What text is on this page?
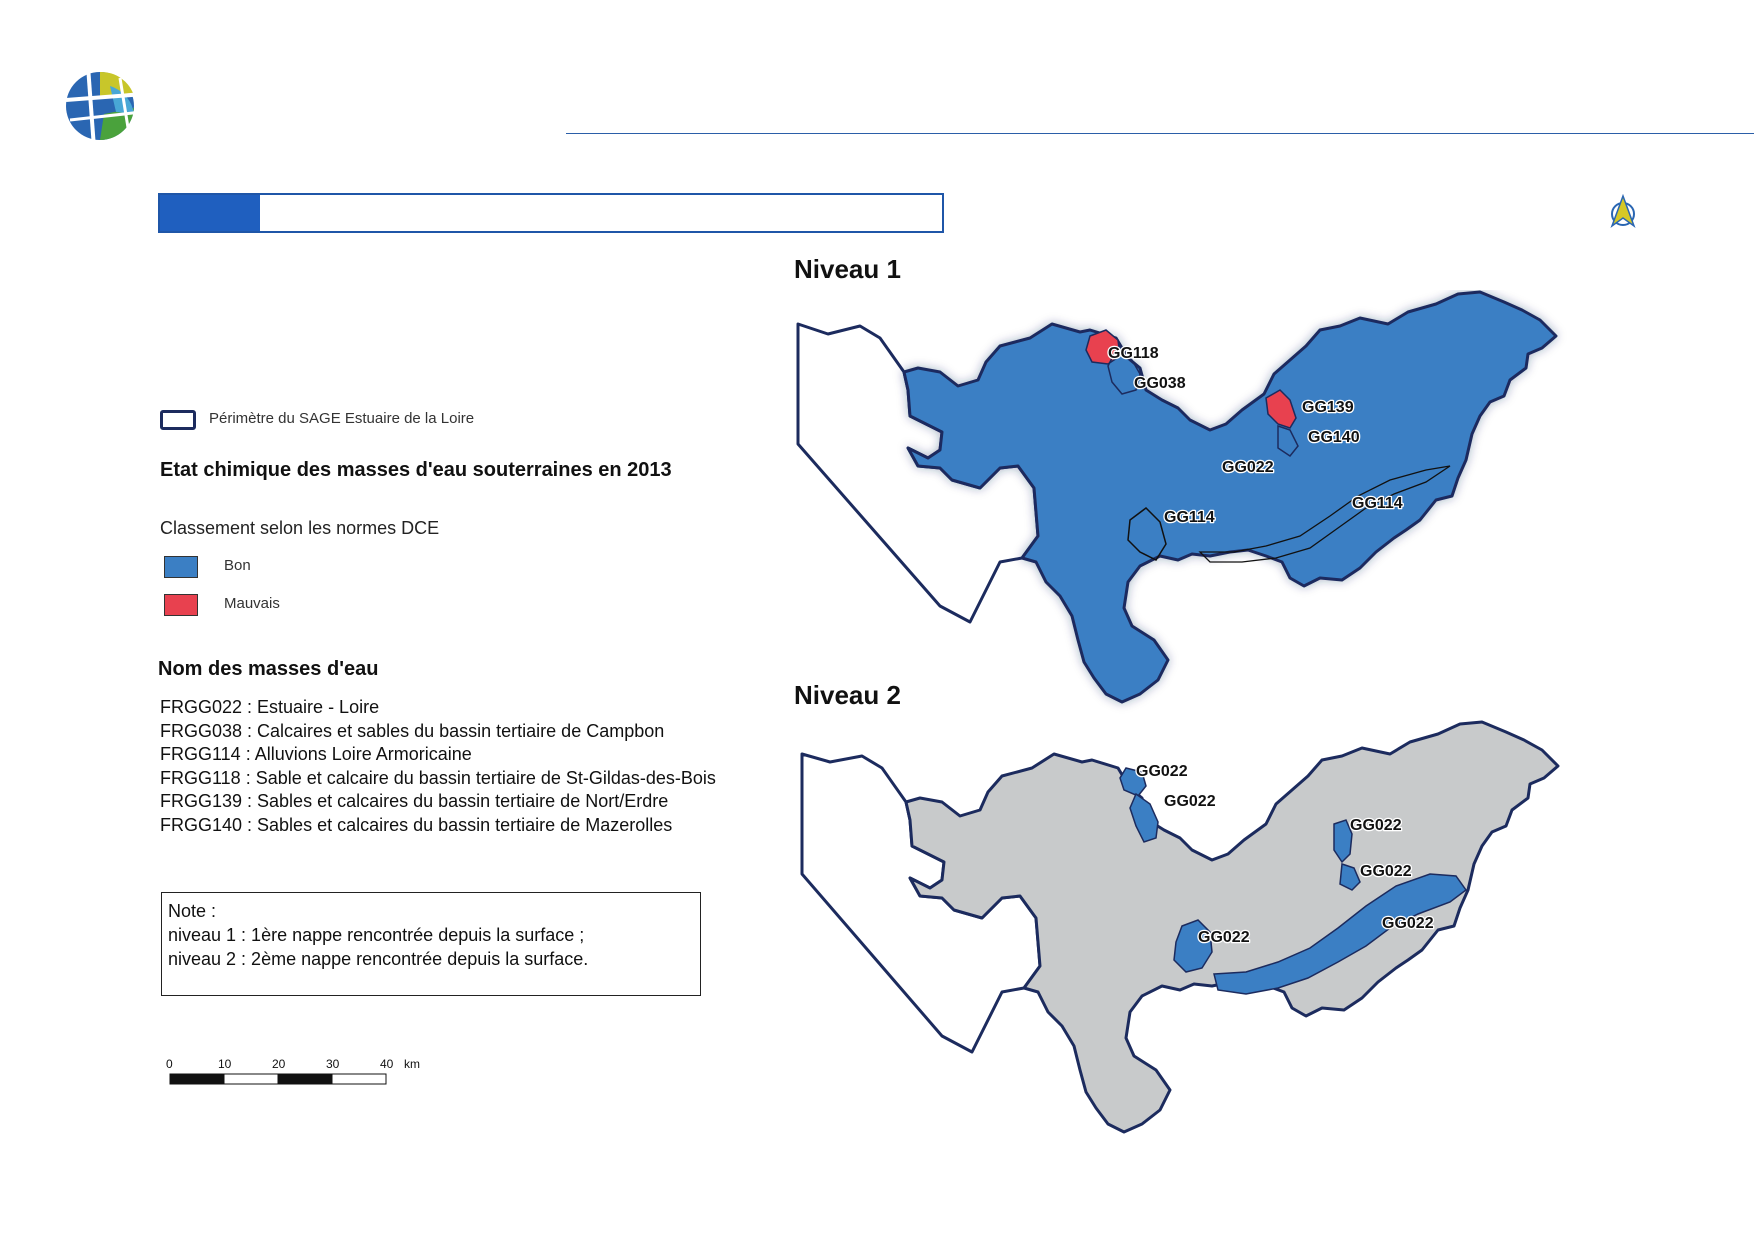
Périmètre du SAGE Estuaire de la Loire
Etat chimique des masses d'eau souterraines en 2013
Classement selon les normes DCE
Bon
Mauvais
Nom des masses d'eau
FRGG022 : Estuaire - Loire
FRGG038 : Calcaires et sables du bassin tertiaire de Campbon
FRGG114 : Alluvions Loire Armoricaine
FRGG118 : Sable et calcaire du bassin tertiaire de St-Gildas-des-Bois
FRGG139 : Sables et calcaires du bassin tertiaire de Nort/Erdre
FRGG140 : Sables et calcaires du bassin tertiaire de Mazerolles
Note :
niveau 1 : 1ère nappe rencontrée depuis la surface ;
niveau 2 : 2ème nappe rencontrée depuis la surface.
0	10	20	30	40 km
Niveau 1
Niveau 2
GG118
GG038
GG139
GG140
GG022
GG114
GG114
GG022
GG022
GG022
GG022
GG022
GG022
